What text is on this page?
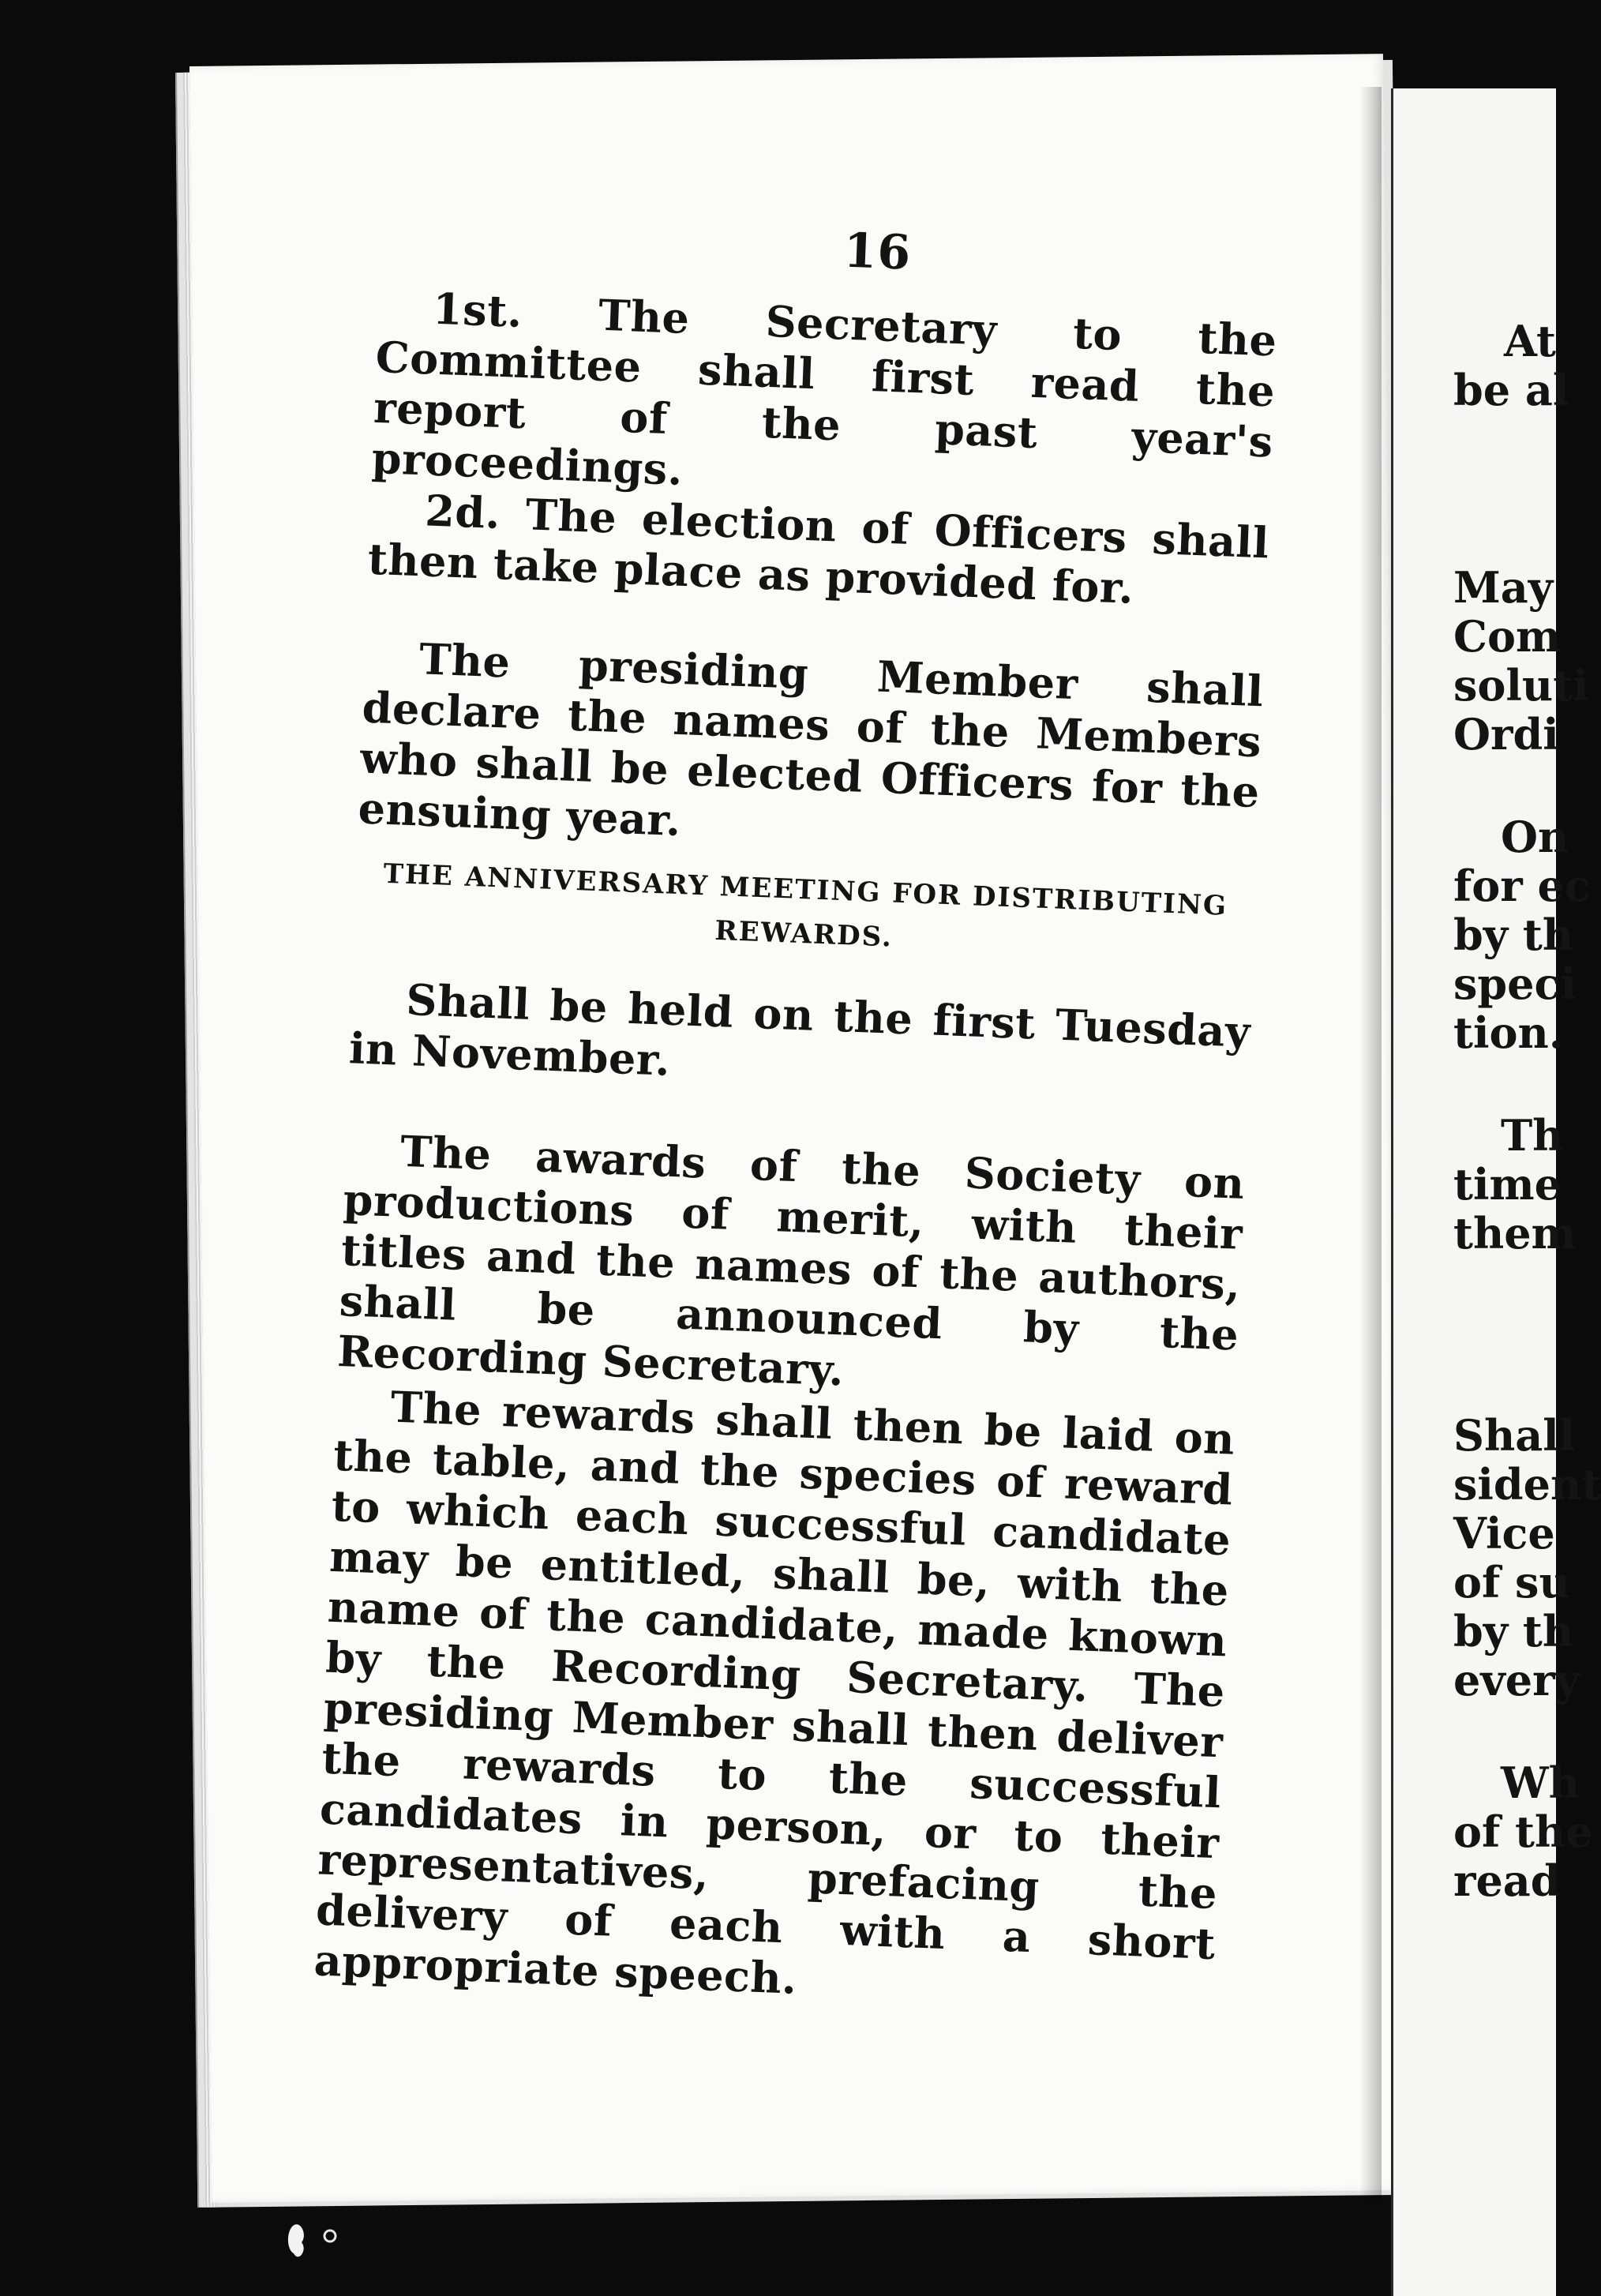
16
1st. The Secretary to the Committee shall first read the report of the past year's proceedings.
2d. The election of Officers shall then take place as provided for.
The presiding Member shall declare the names of the Members who shall be elected Officers for the ensuing year.
THE ANNIVERSARY MEETING FOR DISTRIBUTING
REWARDS.
Shall be held on the first Tuesday in November.
The awards of the Society on productions of merit, with their titles and the names of the authors, shall be announced by the Recording Secretary.
The rewards shall then be laid on the table, and the species of reward to which each successful candidate may be entitled, shall be, with the name of the candidate, made known by the Recording Secretary. The presiding Member shall then deliver the rewards to the successful candidates in person, or to their representatives, prefacing the delivery of each with a short appropriate speech.
At
be al
May
Com
soluti
Ordi
On
for ec
by th
speci
tion.
Th
time
them
Shall
sident
Vice
of su
by th
every
Wh
of the
read
